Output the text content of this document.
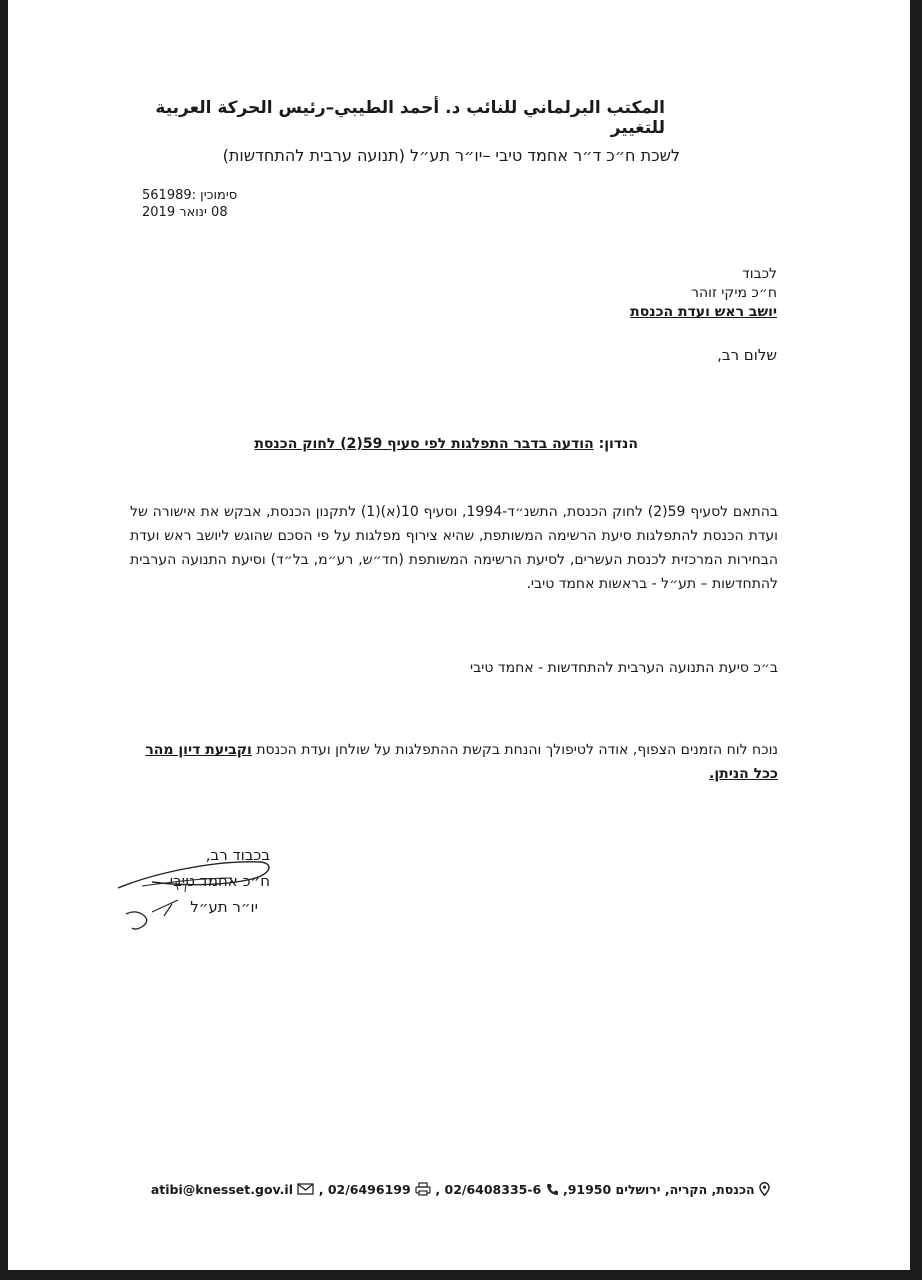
المكتب البرلماني للنائب د. أحمد الطيبي–رئيس الحركة العربية للتغيير
לשכת ח״כ ד״ר אחמד טיבי –יו״ר תע״ל (תנועה ערבית להתחדשות)
סימוכין :561989
08 ינואר 2019
לכבוד
ח״כ מיקי זוהר
יושב ראש ועדת הכנסת
שלום רב,
הנדון: הודעה בדבר התפלגות לפי סעיף 59(2) לחוק הכנסת
בהתאם לסעיף 59(2) לחוק הכנסת, התשנ״ד-1994, וסעיף 10(א)(1) לתקנון הכנסת, אבקש את אישורה של ועדת הכנסת להתפלגות סיעת הרשימה המשותפת, שהיא צירוף מפלגות על פי הסכם שהוגש ליושב ראש ועדת הבחירות המרכזית לכנסת העשרים, לסיעת הרשימה המשותפת (חד״ש, רע״מ, בל״ד) וסיעת התנועה הערבית להתחדשות – תע״ל - בראשות אחמד טיבי.
ב״כ סיעת התנועה הערבית להתחדשות - אחמד טיבי
נוכח לוח הזמנים הצפוף, אודה לטיפולך והנחת בקשת ההתפלגות על שולחן ועדת הכנסת וקביעת דיון מהר ככל הניתן.
בכבוד רב,
ח״כ אחמד טיבי
יו״ר תע״ל
הכנסת, הקריה, ירושלים 91950,  02/6408335-6 ,  02/6496199 ,  atibi@knesset.gov.il
